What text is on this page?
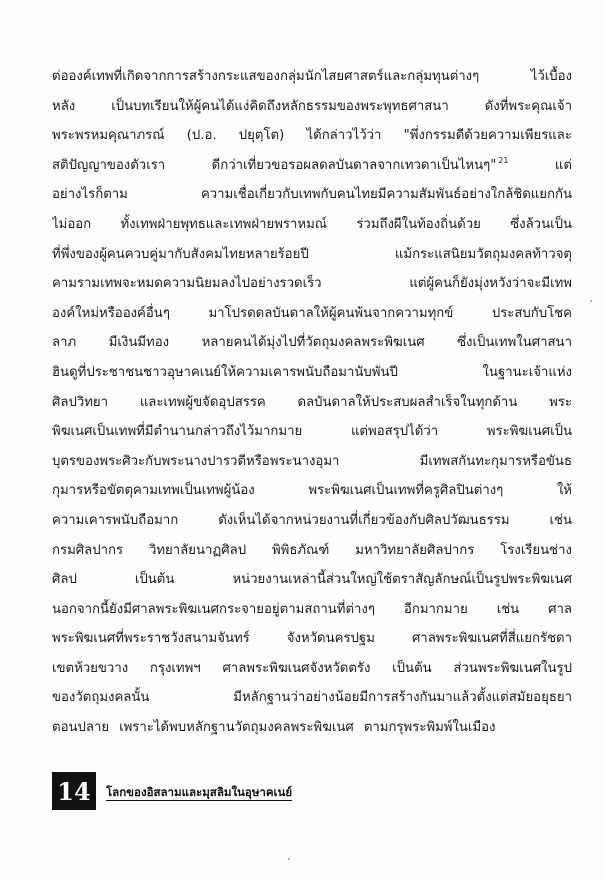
ต่อองค์เทพที่เกิดจากการสร้างกระแสของกลุ่มนักไสยศาสตร์และกลุ่มทุนต่างๆ	ไว้เบื้อง
หลัง	เป็นบทเรียนให้ผู้คนได้แง่คิดถึงหลักธรรมของพระพุทธศาสนา	ดังที่พระคุณเจ้า
พระพรหมคุณาภรณ์ (ป.อ. ปยุตฺโต) ได้กล่าวไว้ว่า "พึ่งกรรมดีด้วยความเพียรและ
สติปัญญาของตัวเรา	ดีกว่าเที่ยวขอรอผลดลบันดาลจากเทวดาเป็นไหนๆ" $^{21}$	แต่
อย่างไรก็ตาม	ความเชื่อเกี่ยวกับเทพกับคนไทยมีความสัมพันธ์อย่างใกล้ชิดแยกกัน
ไม่ออก ทั้งเทพฝ่ายพุทธและเทพฝ่ายพราหมณ์ ร่วมถึงผีในท้องถิ่นด้วย ซึ่งล้วนเป็น
ที่พึ่งของผู้คนควบคู่มากับสังคมไทยหลายร้อยปี	แม้กระแสนิยมวัตถุมงคลท้าวจตุ
คามรามเทพจะหมดความนิยมลงไปอย่างรวดเร็ว	แต่ผู้คนก็ยังมุ่งหวังว่าจะมีเทพ
องค์ใหม่หรือองค์อื่นๆ	มาโปรดดลบันดาลให้ผู้คนพ้นจากความทุกข์	ประสบกับโชค
ลาภ มีเงินมีทอง หลายคนได้มุ่งไปที่วัตถุมงคลพระพิฆเนศ ซึ่งเป็นเทพในศาสนา
ฮินดูที่ประชาชนชาวอุษาคเนย์ให้ความเคารพนับถือมานับพันปี	ในฐานะเจ้าแห่ง
ศิลปวิทยา และเทพผู้ขจัดอุปสรรค ดลบันดาลให้ประสบผลสำเร็จในทุกด้าน พระ
พิฆเนศเป็นเทพที่มีตำนานกล่าวถึงไว้มากมาย	แต่พอสรุปได้ว่า	พระพิฆเนศเป็น
บุตรของพระศิวะกับพระนางปารวตีหรือพระนางอุมา	มีเทพสกันทะกุมารหรือขันธ
กุมารหรือขัตตุคามเทพเป็นเทพผู้น้อง	พระพิฆเนศเป็นเทพที่ครูศิลปินต่างๆ	ให้
ความเคารพนับถือมาก	ดังเห็นได้จากหน่วยงานที่เกี่ยวข้องกับศิลปวัฒนธรรม	เช่น
กรมศิลปากร วิทยาลัยนาฏศิลป พิพิธภัณฑ์ มหาวิทยาลัยศิลปากร โรงเรียนช่าง
ศิลป	เป็นต้น	หน่วยงานเหล่านี้ส่วนใหญ่ใช้ตราสัญลักษณ์เป็นรูปพระพิฆเนศ
นอกจากนี้ยังมีศาลพระพิฆเนศกระจายอยู่ตามสถานที่ต่างๆ อีกมากมาย เช่น ศาล
พระพิฆเนศที่พระราชวังสนามจันทร์	จังหวัดนครปฐม	ศาลพระพิฆเนศที่สี่แยกรัชดา
เขตห้วยขวาง กรุงเทพฯ ศาลพระพิฆเนศจังหวัดตรัง เป็นต้น ส่วนพระพิฆเนศในรูป
ของวัตถุมงคลนั้น	มีหลักฐานว่าอย่างน้อยมีการสร้างกันมาแล้วตั้งแต่สมัยอยุธยา
ตอนปลาย เพราะได้พบหลักฐานวัตถุมงคลพระพิฆเนศ ตามกรุพระพิมพ์ในเมือง
14	โลกของอิสลามและมุสลิมในอุษาคเนย์
